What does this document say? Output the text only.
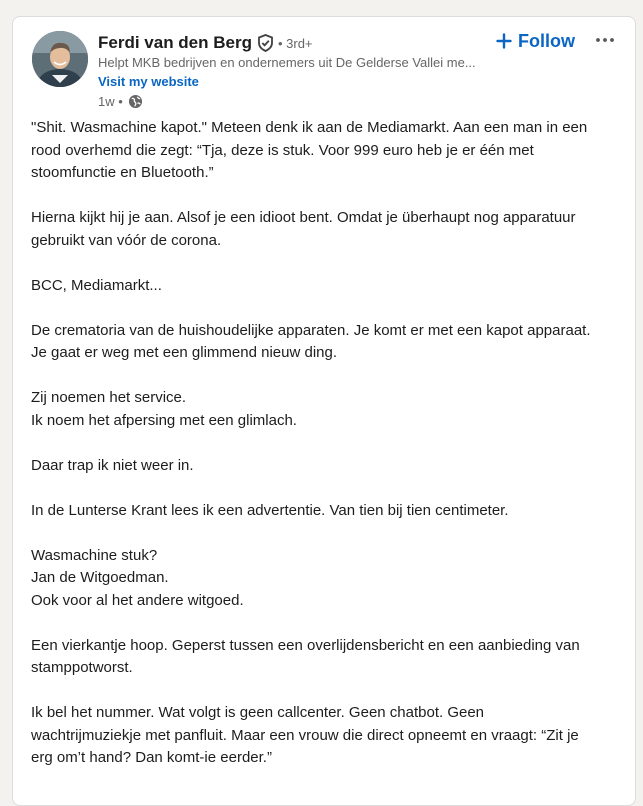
Ferdi van den Berg • 3rd+
Helpt MKB bedrijven en ondernemers uit De Gelderse Vallei me...
Visit my website
1w •
Follow
"Shit. Wasmachine kapot." Meteen denk ik aan de Mediamarkt. Aan een man in een
rood overhemd die zegt: “Tja, deze is stuk. Voor 999 euro heb je er één met
stoomfunctie en Bluetooth.”
Hierna kijkt hij je aan. Alsof je een idioot bent. Omdat je überhaupt nog apparatuur
gebruikt van vóór de corona.
BCC, Mediamarkt...
De crematoria van de huishoudelijke apparaten. Je komt er met een kapot apparaat.
Je gaat er weg met een glimmend nieuw ding.
Zij noemen het service.
Ik noem het afpersing met een glimlach.
Daar trap ik niet weer in.
In de Lunterse Krant lees ik een advertentie. Van tien bij tien centimeter.
Wasmachine stuk?
Jan de Witgoedman.
Ook voor al het andere witgoed.
Een vierkantje hoop. Geperst tussen een overlijdensbericht en een aanbieding van
stamppotworst.
Ik bel het nummer. Wat volgt is geen callcenter. Geen chatbot. Geen
wachtrijmuziekje met panfluit. Maar een vrouw die direct opneemt en vraagt: “Zit je
erg om’t hand? Dan komt-ie eerder.”
